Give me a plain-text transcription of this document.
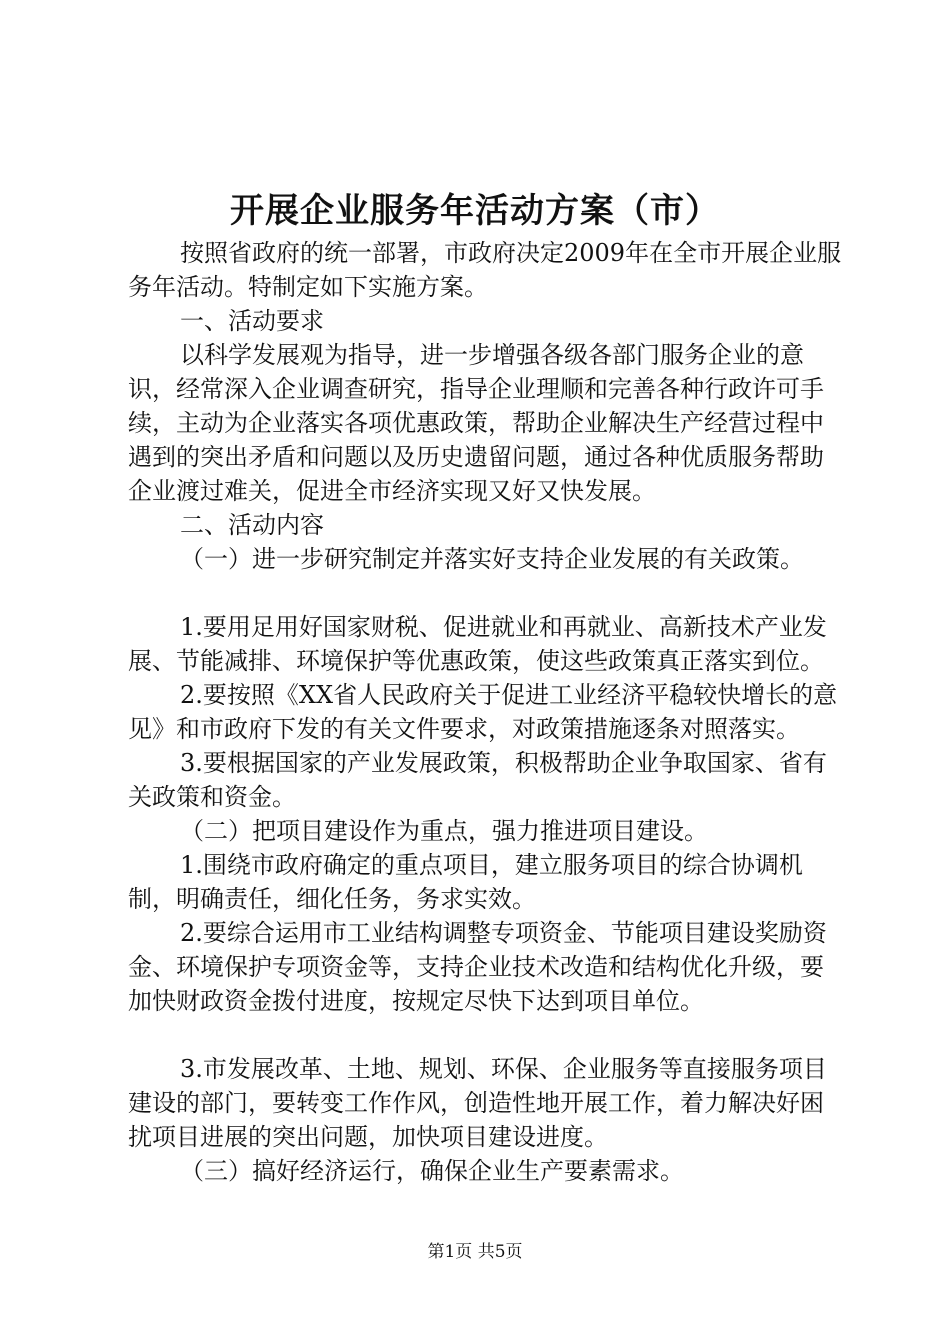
开展企业服务年活动方案（市）

按照省政府的统一部署，市政府决定2009年在全市开展企业服务年活动。特制定如下实施方案。

一、活动要求

以科学发展观为指导，进一步增强各级各部门服务企业的意识，经常深入企业调查研究，指导企业理顺和完善各种行政许可手续，主动为企业落实各项优惠政策，帮助企业解决生产经营过程中遇到的突出矛盾和问题以及历史遗留问题，通过各种优质服务帮助企业渡过难关，促进全市经济实现又好又快发展。

二、活动内容

（一）进一步研究制定并落实好支持企业发展的有关政策。

1.要用足用好国家财税、促进就业和再就业、高新技术产业发展、节能减排、环境保护等优惠政策，使这些政策真正落实到位。

2.要按照《XX省人民政府关于促进工业经济平稳较快增长的意见》和市政府下发的有关文件要求，对政策措施逐条对照落实。

3.要根据国家的产业发展政策，积极帮助企业争取国家、省有关政策和资金。

（二）把项目建设作为重点，强力推进项目建设。

1.围绕市政府确定的重点项目，建立服务项目的综合协调机制，明确责任，细化任务，务求实效。

2.要综合运用市工业结构调整专项资金、节能项目建设奖励资金、环境保护专项资金等，支持企业技术改造和结构优化升级，要加快财政资金拨付进度，按规定尽快下达到项目单位。

3.市发展改革、土地、规划、环保、企业服务等直接服务项目建设的部门，要转变工作作风，创造性地开展工作，着力解决好困扰项目进展的突出问题，加快项目建设进度。

（三）搞好经济运行，确保企业生产要素需求。

第1页 共5页
